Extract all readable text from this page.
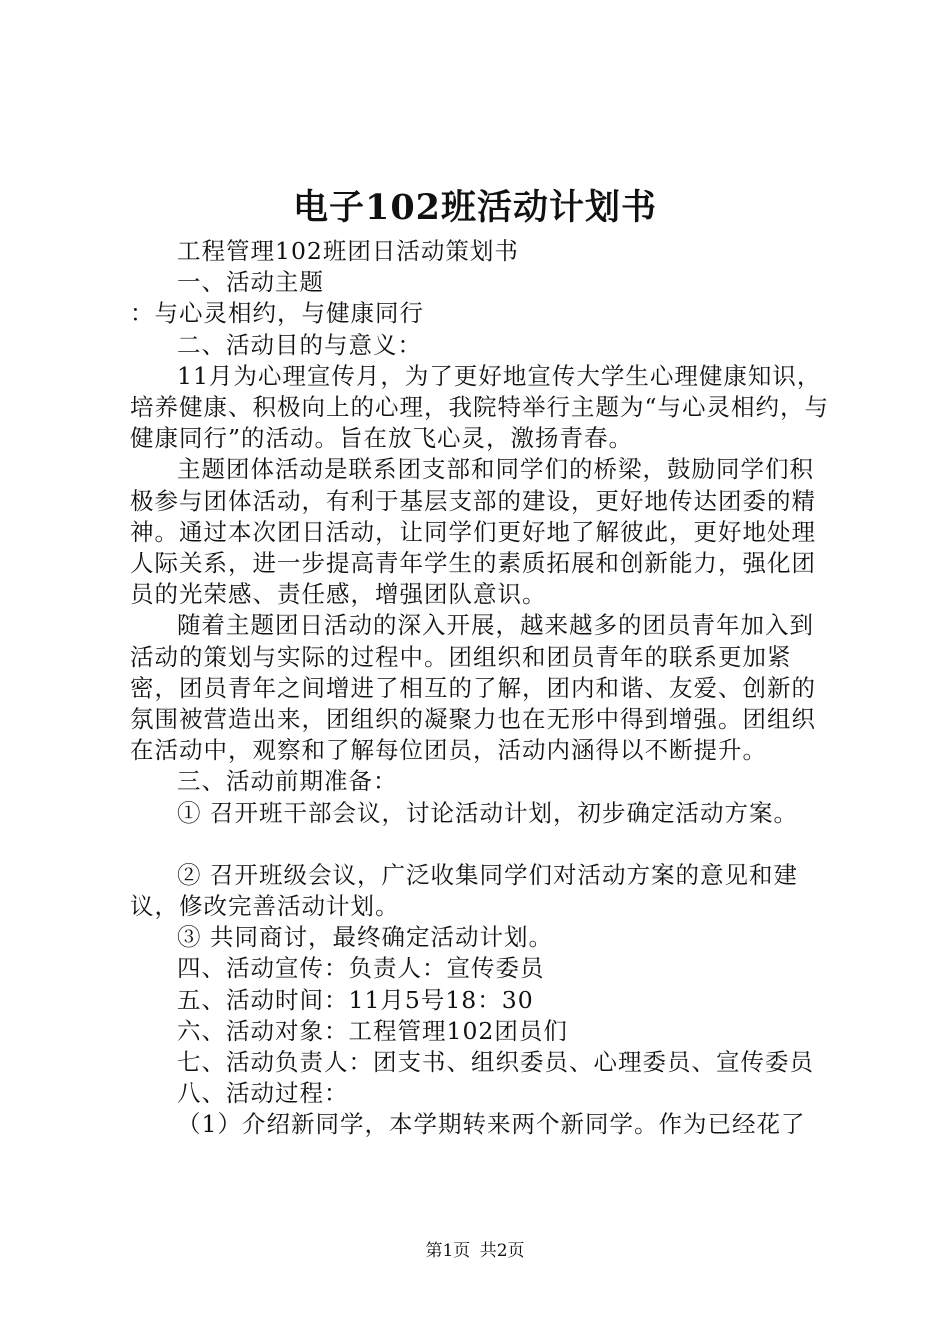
电子102班活动计划书

工程管理102班团日活动策划书

一、活动主题

：与心灵相约，与健康同行

二、活动目的与意义：

11月为心理宣传月，为了更好地宣传大学生心理健康知识，培养健康、积极向上的心理，我院特举行主题为“与心灵相约，与健康同行”的活动。旨在放飞心灵，激扬青春。

主题团体活动是联系团支部和同学们的桥梁，鼓励同学们积极参与团体活动，有利于基层支部的建设，更好地传达团委的精神。通过本次团日活动，让同学们更好地了解彼此，更好地处理人际关系，进一步提高青年学生的素质拓展和创新能力，强化团员的光荣感、责任感，增强团队意识。

随着主题团日活动的深入开展，越来越多的团员青年加入到活动的策划与实际的过程中。团组织和团员青年的联系更加紧密，团员青年之间增进了相互的了解，团内和谐、友爱、创新的氛围被营造出来，团组织的凝聚力也在无形中得到增强。团组织在活动中，观察和了解每位团员，活动内涵得以不断提升。

三、活动前期准备：

① 召开班干部会议，讨论活动计划，初步确定活动方案。

② 召开班级会议，广泛收集同学们对活动方案的意见和建议，修改完善活动计划。

③ 共同商讨，最终确定活动计划。

四、活动宣传：负责人：宣传委员

五、活动时间：11月5号18：30

六、活动对象：工程管理102团员们

七、活动负责人：团支书、组织委员、心理委员、宣传委员

八、活动过程：

（1）介绍新同学，本学期转来两个新同学。作为已经花了

第1页 共2页
